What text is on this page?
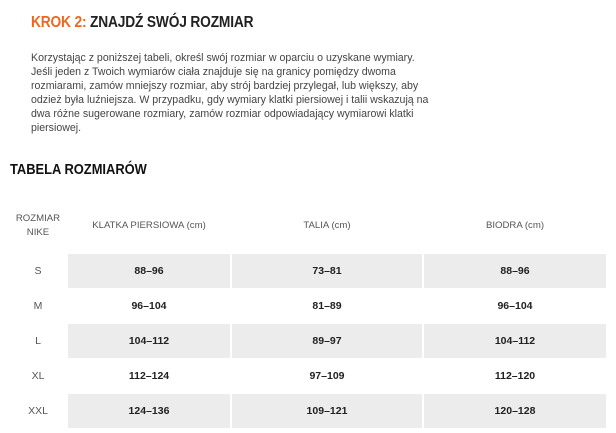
KROK 2: ZNAJDŹ SWÓJ ROZMIAR

Korzystając z poniższej tabeli, określ swój rozmiar w oparciu o uzyskane wymiary.
Jeśli jeden z Twoich wymiarów ciała znajduje się na granicy pomiędzy dwoma
rozmiarami, zamów mniejszy rozmiar, aby strój bardziej przylegał, lub większy, aby
odzież była luźniejsza. W przypadku, gdy wymiary klatki piersiowej i talii wskazują na
dwa różne sugerowane rozmiary, zamów rozmiar odpowiadający wymiarowi klatki
piersiowej.

TABELA ROZMIARÓW
ROZMIAR
NIKE
KLATKA PIERSIOWA (cm)	TALIA (cm)	BIODRA (cm)
S	88–96	73–81	88–96
M	96–104	81–89	96–104
L	104–112	89–97	104–112
XL	112–124	97–109	112–120
XXL	124–136	109–121	120–128
